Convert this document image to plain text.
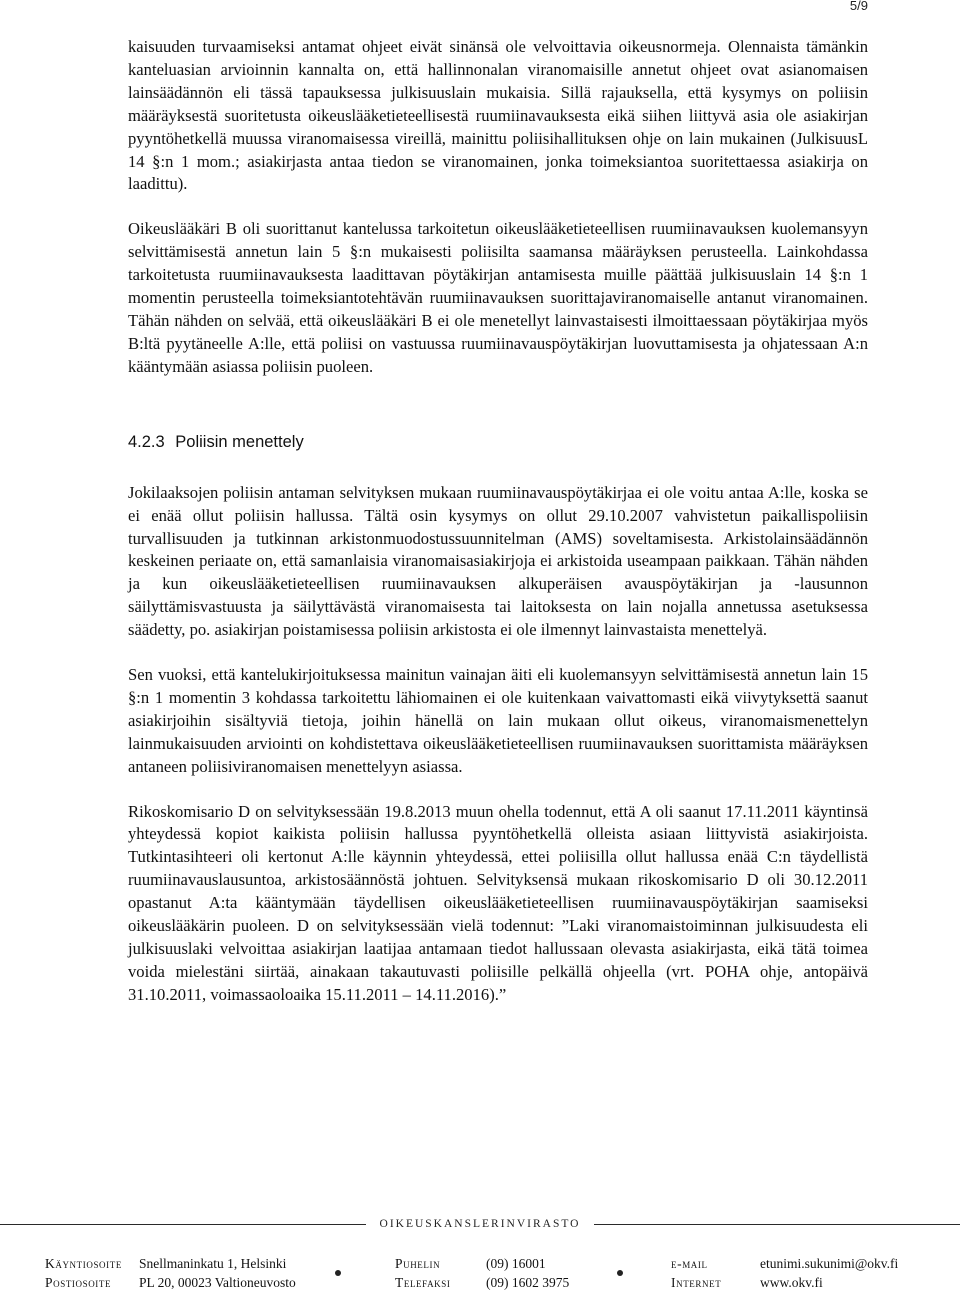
5/9

kaisuuden turvaamiseksi antamat ohjeet eivät sinänsä ole velvoittavia oikeusnormeja. Olennaista tämänkin kanteluasian arvioinnin kannalta on, että hallinnonalan viranomaisille annetut ohjeet ovat asianomaisen lainsäädännön eli tässä tapauksessa julkisuuslain mukaisia. Sillä rajauksella, että kysymys on poliisin määräyksestä suoritetusta oikeuslääketieteellisestä ruumiinavauksesta eikä siihen liittyvä asia ole asiakirjan pyyntöhetkellä muussa viranomaisessa vireillä, mainittu poliisihallituksen ohje on lain mukainen (JulkisuusL 14 §:n 1 mom.; asiakirjasta antaa tiedon se viranomainen, jonka toimeksiantoa suoritettaessa asiakirja on laadittu).

Oikeuslääkäri B oli suorittanut kantelussa tarkoitetun oikeuslääketieteellisen ruumiinavauksen kuolemansyyn selvittämisestä annetun lain 5 §:n mukaisesti poliisilta saamansa määräyksen perusteella. Lainkohdassa tarkoitetusta ruumiinavauksesta laadittavan pöytäkirjan antamisesta muille päättää julkisuuslain 14 §:n 1 momentin perusteella toimeksiantotehtävän ruumiinavauksen suorittajaviranomaiselle antanut viranomainen. Tähän nähden on selvää, että oikeuslääkäri B ei ole menetellyt lainvastaisesti ilmoittaessaan pöytäkirjaa myös B:ltä pyytäneelle A:lle, että poliisi on vastuussa ruumiinavauspöytäkirjan luovuttamisesta ja ohjatessaan A:n kääntymään asiassa poliisin puoleen.

4.2.3 Poliisin menettely

Jokilaaksojen poliisin antaman selvityksen mukaan ruumiinavauspöytäkirjaa ei ole voitu antaa A:lle, koska se ei enää ollut poliisin hallussa. Tältä osin kysymys on ollut 29.10.2007 vahvistetun paikallispoliisin turvallisuuden ja tutkinnan arkistonmuodostussuunnitelman (AMS) soveltamisesta. Arkistolainsäädännön keskeinen periaate on, että samanlaisia viranomaisasiakirjoja ei arkistoida useampaan paikkaan. Tähän nähden ja kun oikeuslääketieteellisen ruumiinavauksen alkuperäisen avauspöytäkirjan ja -lausunnon säilyttämisvastuusta ja säilyttävästä viranomaisesta tai laitoksesta on lain nojalla annetussa asetuksessa säädetty, po. asiakirjan poistamisessa poliisin arkistosta ei ole ilmennyt lainvastaista menettelyä.

Sen vuoksi, että kantelukirjoituksessa mainitun vainajan äiti eli kuolemansyyn selvittämisestä annetun lain 15 §:n 1 momentin 3 kohdassa tarkoitettu lähiomainen ei ole kuitenkaan vaivattomasti eikä viivytyksettä saanut asiakirjoihin sisältyviä tietoja, joihin hänellä on lain mukaan ollut oikeus, viranomaismenettelyn lainmukaisuuden arviointi on kohdistettava oikeuslääketieteellisen ruumiinavauksen suorittamista määräyksen antaneen poliisiviranomaisen menettelyyn asiassa.

Rikoskomisario D on selvityksessään 19.8.2013 muun ohella todennut, että A oli saanut 17.11.2011 käyntinsä yhteydessä kopiot kaikista poliisin hallussa pyyntöhetkellä olleista asiaan liittyvistä asiakirjoista. Tutkintasihteeri oli kertonut A:lle käynnin yhteydessä, ettei poliisilla ollut hallussa enää C:n täydellistä ruumiinavauslausuntoa, arkistosäännöstä johtuen. Selvityksensä mukaan rikoskomisario D oli 30.12.2011 opastanut A:ta kääntymään täydellisen oikeuslääketieteellisen ruumiinavauspöytäkirjan saamiseksi oikeuslääkärin puoleen. D on selvityksessään vielä todennut: ”Laki viranomaistoiminnan julkisuudesta eli julkisuuslaki velvoittaa asiakirjan laatijaa antamaan tiedot hallussaan olevasta asiakirjasta, eikä tätä toimea voida mielestäni siirtää, ainakaan takautuvasti poliisille pelkällä ohjeella (vrt. POHA ohje, antopäivä 31.10.2011, voimassaoloaika 15.11.2011 – 14.11.2016).”

OIKEUSKANSLERINVIRASTO
Käyntiosoite
Postiosoite
Snellmaninkatu 1, Helsinki
PL 20, 00023 Valtioneuvosto
Puhelin
Telefaksi
(09) 16001
(09) 1602 3975
e-mail
Internet
etunimi.sukunimi@okv.fi
www.okv.fi
